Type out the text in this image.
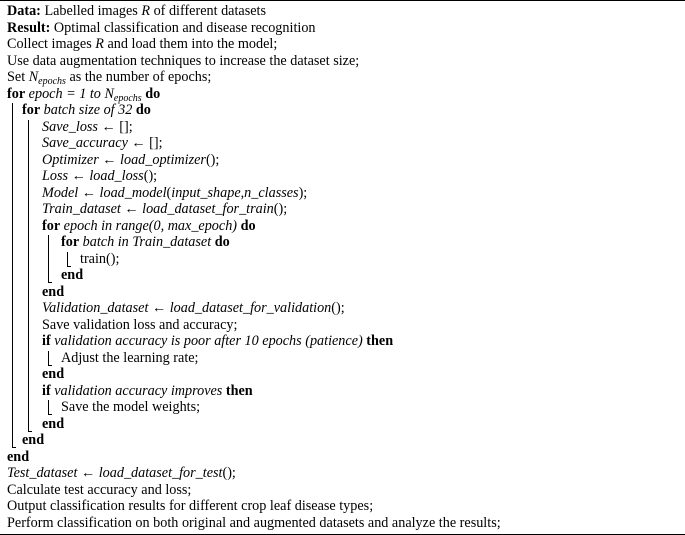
Data: Labelled images R of different datasets
Result: Optimal classification and disease recognition
Collect images R and load them into the model;
Use data augmentation techniques to increase the dataset size;
Set $N_{epochs}$ as the number of epochs;
for epoch = 1 to $N_{epochs}$ do
for batch size of 32 do
Save_loss ← [];
Save_accuracy ← [];
Optimizer ← load_optimizer();
Loss ← load_loss();
Model ← load_model(input_shape,n_classes);
Train_dataset ← load_dataset_for_train();
for epoch in range(0, max_epoch) do
for batch in Train_dataset do
train();
end
end
Validation_dataset ← load_dataset_for_validation();
Save validation loss and accuracy;
if validation accuracy is poor after 10 epochs (patience) then
Adjust the learning rate;
end
if validation accuracy improves then
Save the model weights;
end
end
end
Test_dataset ← load_dataset_for_test();
Calculate test accuracy and loss;
Output classification results for different crop leaf disease types;
Perform classification on both original and augmented datasets and analyze the results;
